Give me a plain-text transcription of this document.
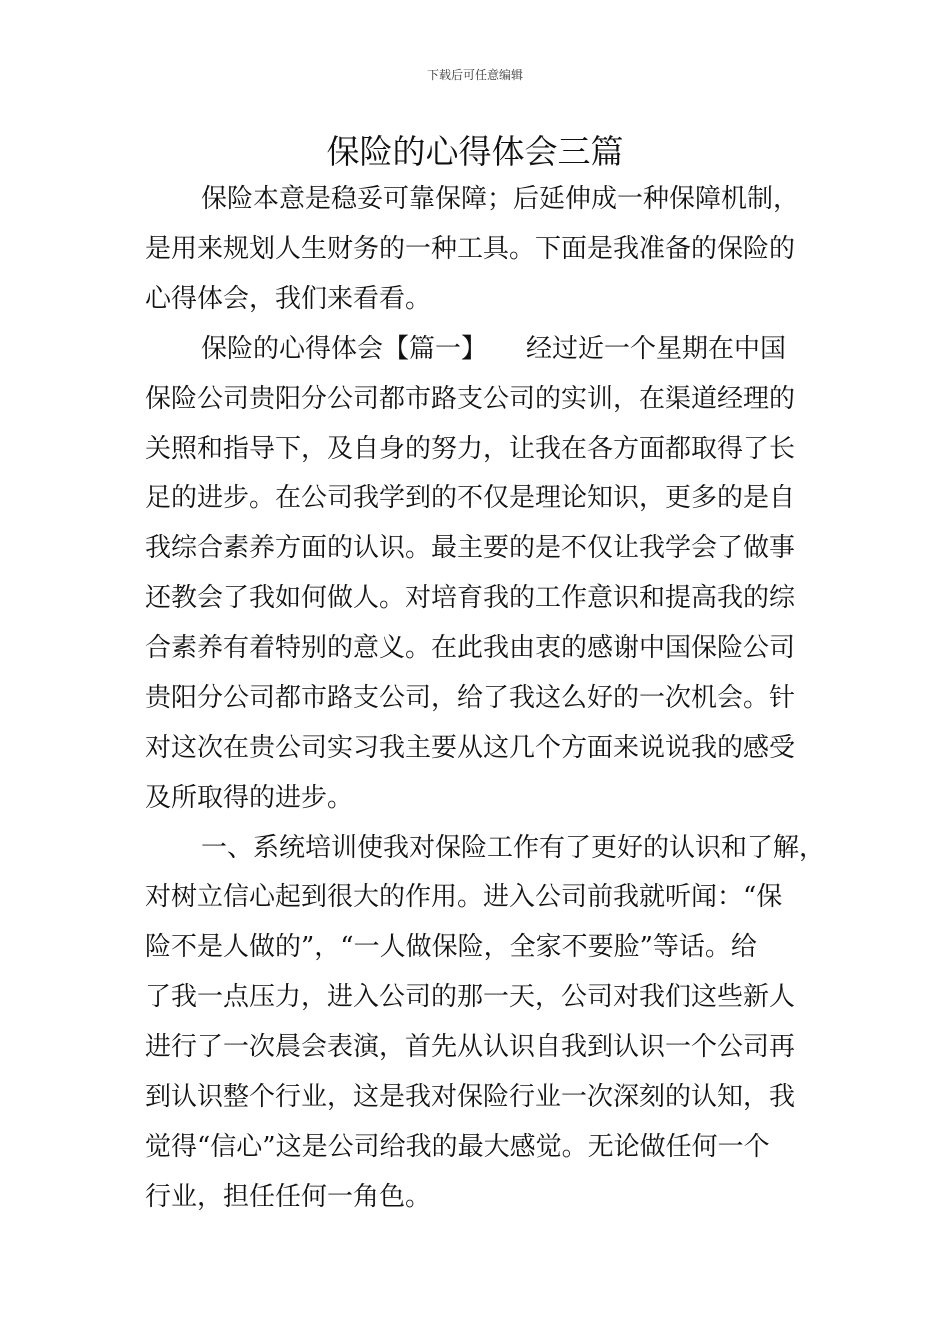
下载后可任意编辑
保险的心得体会三篇
保险本意是稳妥可靠保障；后延伸成一种保障机制，
是用来规划人生财务的一种工具。下面是我准备的保险的
心得体会，我们来看看。
保险的心得体会【篇一】　　经过近一个星期在中国
保险公司贵阳分公司都市路支公司的实训，在渠道经理的
关照和指导下，及自身的努力，让我在各方面都取得了长
足的进步。在公司我学到的不仅是理论知识，更多的是自
我综合素养方面的认识。最主要的是不仅让我学会了做事
还教会了我如何做人。对培育我的工作意识和提高我的综
合素养有着特别的意义。在此我由衷的感谢中国保险公司
贵阳分公司都市路支公司，给了我这么好的一次机会。针
对这次在贵公司实习我主要从这几个方面来说说我的感受
及所取得的进步。
一、系统培训使我对保险工作有了更好的认识和了解，
对树立信心起到很大的作用。进入公司前我就听闻：“保
险不是人做的”，“一人做保险，全家不要脸”等话。给
了我一点压力，进入公司的那一天，公司对我们这些新人
进行了一次晨会表演，首先从认识自我到认识一个公司再
到认识整个行业，这是我对保险行业一次深刻的认知，我
觉得“信心”这是公司给我的最大感觉。无论做任何一个
行业，担任任何一角色。
